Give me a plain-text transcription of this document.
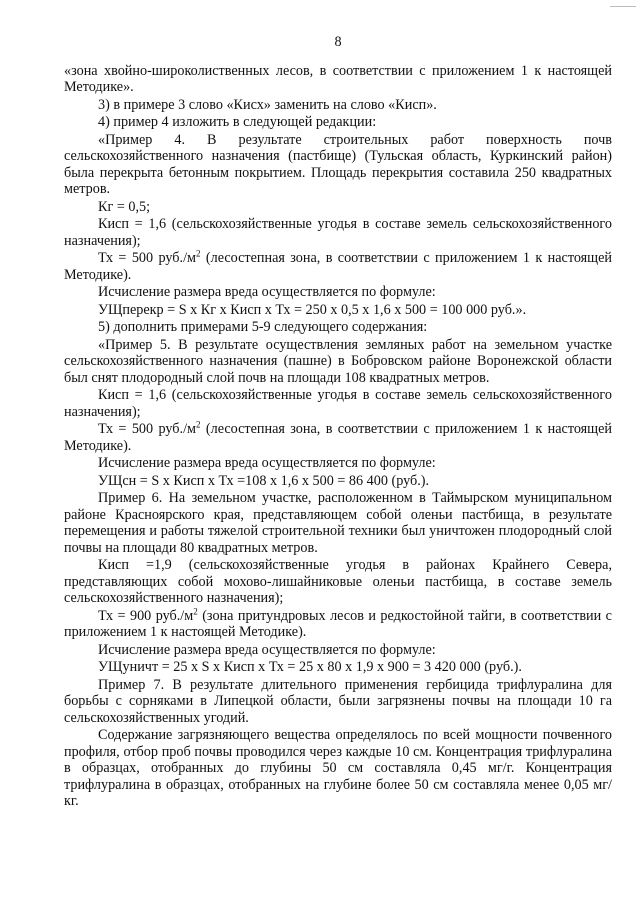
8

«зона хвойно-широколиственных лесов, в соответствии с приложением 1 к настоящей Методике».

3) в примере 3 слово «Кисх» заменить на слово «Кисп».

4) пример 4 изложить в следующей редакции:

«Пример 4. В результате строительных работ поверхность почв сельскохозяйственного назначения (пастбище) (Тульская область, Куркинский район) была перекрыта бетонным покрытием. Площадь перекрытия составила 250 квадратных метров.

Кг = 0,5;

Кисп = 1,6 (сельскохозяйственные угодья в составе земель сельскохозяйственного назначения);

Тх = 500 $руб./м^2$ (лесостепная зона, в соответствии с приложением 1 к настоящей Методике).

Исчисление размера вреда осуществляется по формуле:

УЩперекр = S x Кг x Кисп x Тх = 250 x 0,5 x 1,6 x 500 = 100 000 руб.».

5) дополнить примерами 5-9 следующего содержания:

«Пример 5. В результате осуществления земляных работ на земельном участке сельскохозяйственного назначения (пашне) в Бобровском районе Воронежской области был снят плодородный слой почв на площади 108 квадратных метров.

Кисп = 1,6 (сельскохозяйственные угодья в составе земель сельскохозяйственного назначения);

Тх = 500 $руб./м^2$ (лесостепная зона, в соответствии с приложением 1 к настоящей Методике).

Исчисление размера вреда осуществляется по формуле:

УЩсн = S x Кисп x Тх =108 x 1,6 x 500 = 86 400 (руб.).

Пример 6. На земельном участке, расположенном в Таймырском муниципальном районе Красноярского края, представляющем собой оленьи пастбища, в результате перемещения и работы тяжелой строительной техники был уничтожен плодородный слой почвы на площади 80 квадратных метров.

Кисп =1,9 (сельскохозяйственные угодья в районах Крайнего Севера, представляющих собой мохово-лишайниковые оленьи пастбища, в составе земель сельскохозяйственного назначения);

Тх = 900 $руб./м^2$ (зона притундровых лесов и редкостойной тайги, в соответствии с приложением 1 к настоящей Методике).

Исчисление размера вреда осуществляется по формуле:

УЩуничт = 25 x S x Кисп x Тх = 25 x 80 x 1,9 x 900 = 3 420 000 (руб.).

Пример 7. В результате длительного применения гербицида трифлуралина для борьбы с сорняками в Липецкой области, были загрязнены почвы на площади 10 га сельскохозяйственных угодий.

Содержание загрязняющего вещества определялось по всей мощности почвенного профиля, отбор проб почвы проводился через каждые 10 см. Концентрация трифлуралина в образцах, отобранных до глубины 50 см составляла 0,45 мг/г. Концентрация трифлуралина в образцах, отобранных на глубине более 50 см составляла менее 0,05 мг/кг.
